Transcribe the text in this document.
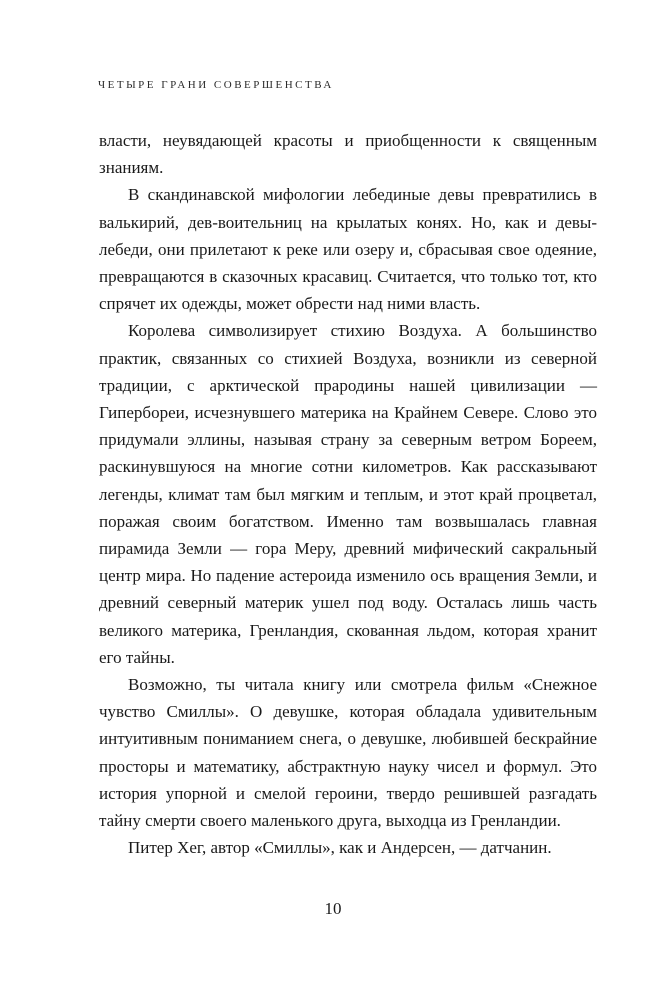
ЧЕТЫРЕ ГРАНИ СОВЕРШЕНСТВА

власти, неувядающей красоты и приобщенности к священным знаниям.

В скандинавской мифологии лебединые девы превратились в валькирий, дев-воительниц на крылатых конях. Но, как и девы-лебеди, они прилетают к реке или озеру и, сбрасывая свое одеяние, превращаются в сказочных красавиц. Считается, что только тот, кто спрячет их одежды, может обрести над ними власть.

Королева символизирует стихию Воздуха. А большинство практик, связанных со стихией Воздуха, возникли из северной традиции, с арктической прародины нашей цивилизации — Гипербореи, исчезнувшего материка на Крайнем Севере. Слово это придумали эллины, называя страну за северным ветром Бореем, раскинувшуюся на многие сотни километров. Как рассказывают легенды, климат там был мягким и теплым, и этот край процветал, поражая своим богатством. Именно там возвышалась главная пирамида Земли — гора Меру, древний мифический сакральный центр мира. Но падение астероида изменило ось вращения Земли, и древний северный материк ушел под воду. Осталась лишь часть великого материка, Гренландия, скованная льдом, которая хранит его тайны.

Возможно, ты читала книгу или смотрела фильм «Снежное чувство Смиллы». О девушке, которая обладала удивительным интуитивным пониманием снега, о девушке, любившей бескрайние просторы и математику, абстрактную науку чисел и формул. Это история упорной и смелой героини, твердо решившей разгадать тайну смерти своего маленького друга, выходца из Гренландии.

Питер Хег, автор «Смиллы», как и Андерсен, — датчанин.

10
